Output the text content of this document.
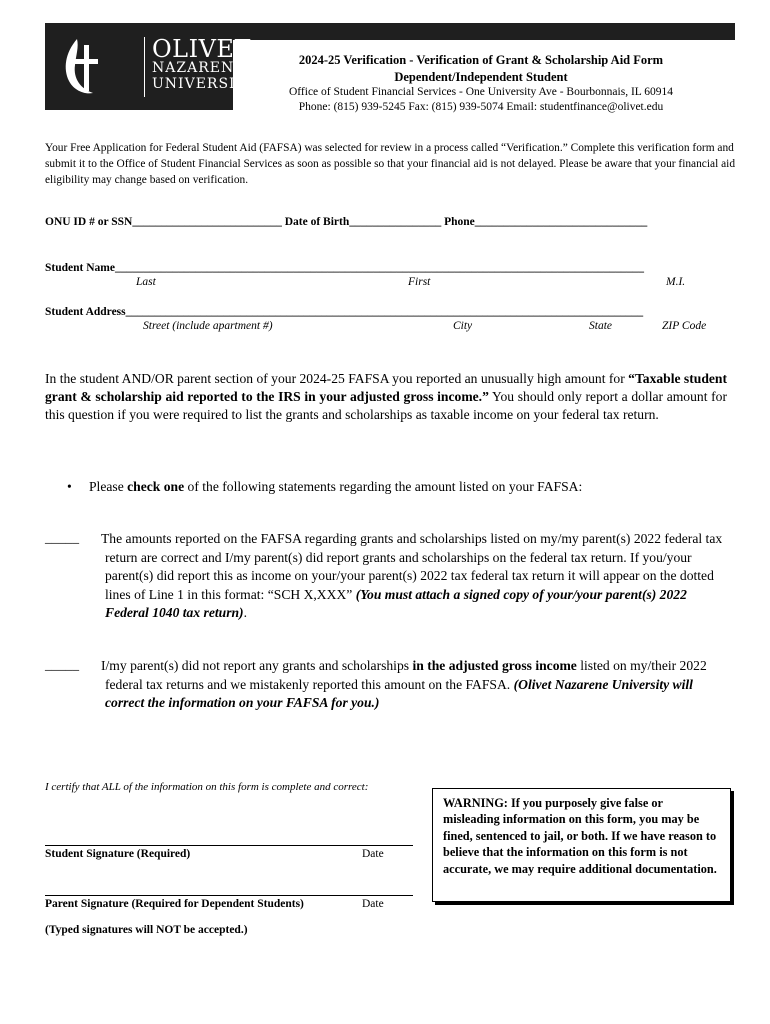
OLIVET
NAZARENE
UNIVERSITY
2024-25 Verification - Verification of Grant & Scholarship Aid Form
Dependent/Independent Student
Office of Student Financial Services - One University Ave - Bourbonnais, IL 60914
Phone: (815) 939-5245 Fax: (815) 939-5074 Email: studentfinance@olivet.edu
Your Free Application for Federal Student Aid (FAFSA) was selected for review in a process called “Verification.” Complete this verification form and submit it to the Office of Student Financial Services as soon as possible so that your financial aid is not delayed. Please be aware that your financial aid eligibility may change based on verification.
ONU ID # or SSN__________________________ Date of Birth________________ Phone______________________________
Student Name____________________________________________________________________________________________
Last	First	M.I.
Student Address__________________________________________________________________________________________
Street (include apartment #)	City	State	ZIP Code
In the student AND/OR parent section of your 2024-25 FAFSA you reported an unusually high amount for “Taxable student grant & scholarship aid reported to the IRS in your adjusted gross income.” You should only report a dollar amount for this question if you were required to list the grants and scholarships as taxable income on your federal tax return.
• Please check one of the following statements regarding the amount listed on your FAFSA:
_____ The amounts reported on the FAFSA regarding grants and scholarships listed on my/my parent(s) 2022 federal tax return are correct and I/my parent(s) did report grants and scholarships on the federal tax return. If you/your parent(s) did report this as income on your/your parent(s) 2022 tax federal tax return it will appear on the dotted lines of Line 1 in this format: “SCH X,XXX” (You must attach a signed copy of your/your parent(s) 2022 Federal 1040 tax return).
_____ I/my parent(s) did not report any grants and scholarships in the adjusted gross income listed on my/their 2022 federal tax returns and we mistakenly reported this amount on the FAFSA. (Olivet Nazarene University will correct the information on your FAFSA for you.)
I certify that ALL of the information on this form is complete and correct:
Student Signature (Required)	Date
Parent Signature (Required for Dependent Students)	Date
(Typed signatures will NOT be accepted.)
WARNING: If you purposely give false or misleading information on this form, you may be fined, sentenced to jail, or both. If we have reason to believe that the information on this form is not accurate, we may require additional documentation.
